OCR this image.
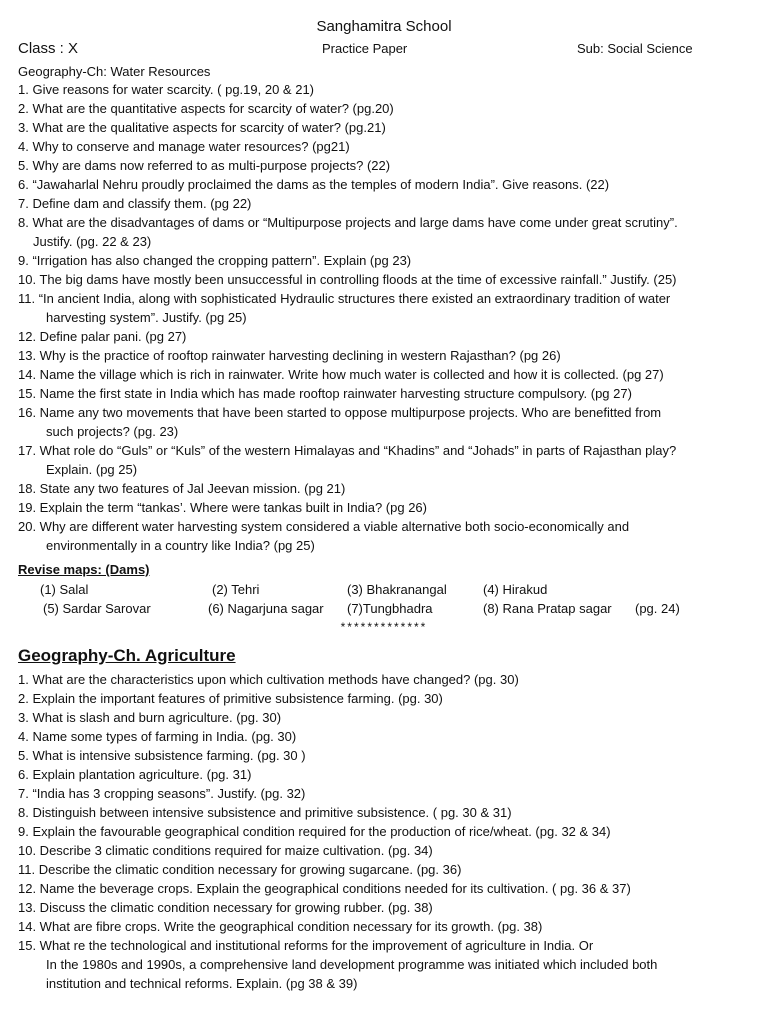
Sanghamitra School
Class : X	Practice Paper	Sub: Social Science
Geography-Ch: Water Resources
1. Give reasons for water scarcity. ( pg.19, 20 & 21)
2. What are the quantitative aspects for scarcity of water? (pg.20)
3. What are the qualitative aspects for scarcity of water? (pg.21)
4. Why to conserve and manage water resources? (pg21)
5. Why are dams now referred to as multi-purpose projects? (22)
6. “Jawaharlal Nehru proudly proclaimed the dams as the temples of modern India”. Give reasons. (22)
7. Define dam and classify them. (pg 22)
8. What are the disadvantages of dams or “Multipurpose projects and large dams have come under great scrutiny”.
Justify. (pg. 22 & 23)
9. “Irrigation has also changed the cropping pattern”. Explain (pg 23)
10. The big dams have mostly been unsuccessful in controlling floods at the time of excessive rainfall.” Justify. (25)
11. “In ancient India, along with sophisticated Hydraulic structures there existed an extraordinary tradition of water
harvesting system”. Justify. (pg 25)
12. Define palar pani. (pg 27)
13. Why is the practice of rooftop rainwater harvesting declining in western Rajasthan? (pg 26)
14. Name the village which is rich in rainwater. Write how much water is collected and how it is collected. (pg 27)
15. Name the first state in India which has made rooftop rainwater harvesting structure compulsory. (pg 27)
16. Name any two movements that have been started to oppose multipurpose projects. Who are benefitted from
such projects? (pg. 23)
17. What role do “Guls” or “Kuls” of the western Himalayas and “Khadins” and “Johads” in parts of Rajasthan play?
Explain. (pg 25)
18. State any two features of Jal Jeevan mission. (pg 21)
19. Explain the term “tankas’. Where were tankas built in India? (pg 26)
20. Why are different water harvesting system considered a viable alternative both socio-economically and
environmentally in a country like India? (pg 25)
Revise maps: (Dams)
(1) Salal	(2) Tehri	(3) Bhakranangal	(4) Hirakud
(5) Sardar Sarovar	(6) Nagarjuna sagar (7)Tungbhadra	(8) Rana Pratap sagar (pg. 24)
*************
Geography-Ch. Agriculture
1. What are the characteristics upon which cultivation methods have changed? (pg. 30)
2. Explain the important features of primitive subsistence farming. (pg. 30)
3. What is slash and burn agriculture. (pg. 30)
4. Name some types of farming in India. (pg. 30)
5. What is intensive subsistence farming. (pg. 30 )
6. Explain plantation agriculture. (pg. 31)
7. “India has 3 cropping seasons”. Justify. (pg. 32)
8. Distinguish between intensive subsistence and primitive subsistence. ( pg. 30 & 31)
9. Explain the favourable geographical condition required for the production of rice/wheat. (pg. 32 & 34)
10. Describe 3 climatic conditions required for maize cultivation. (pg. 34)
11. Describe the climatic condition necessary for growing sugarcane. (pg. 36)
12. Name the beverage crops. Explain the geographical conditions needed for its cultivation. ( pg. 36 & 37)
13. Discuss the climatic condition necessary for growing rubber. (pg. 38)
14. What are fibre crops. Write the geographical condition necessary for its growth. (pg. 38)
15. What re the technological and institutional reforms for the improvement of agriculture in India. Or
In the 1980s and 1990s, a comprehensive land development programme was initiated which included both
institution and technical reforms. Explain. (pg 38 & 39)
